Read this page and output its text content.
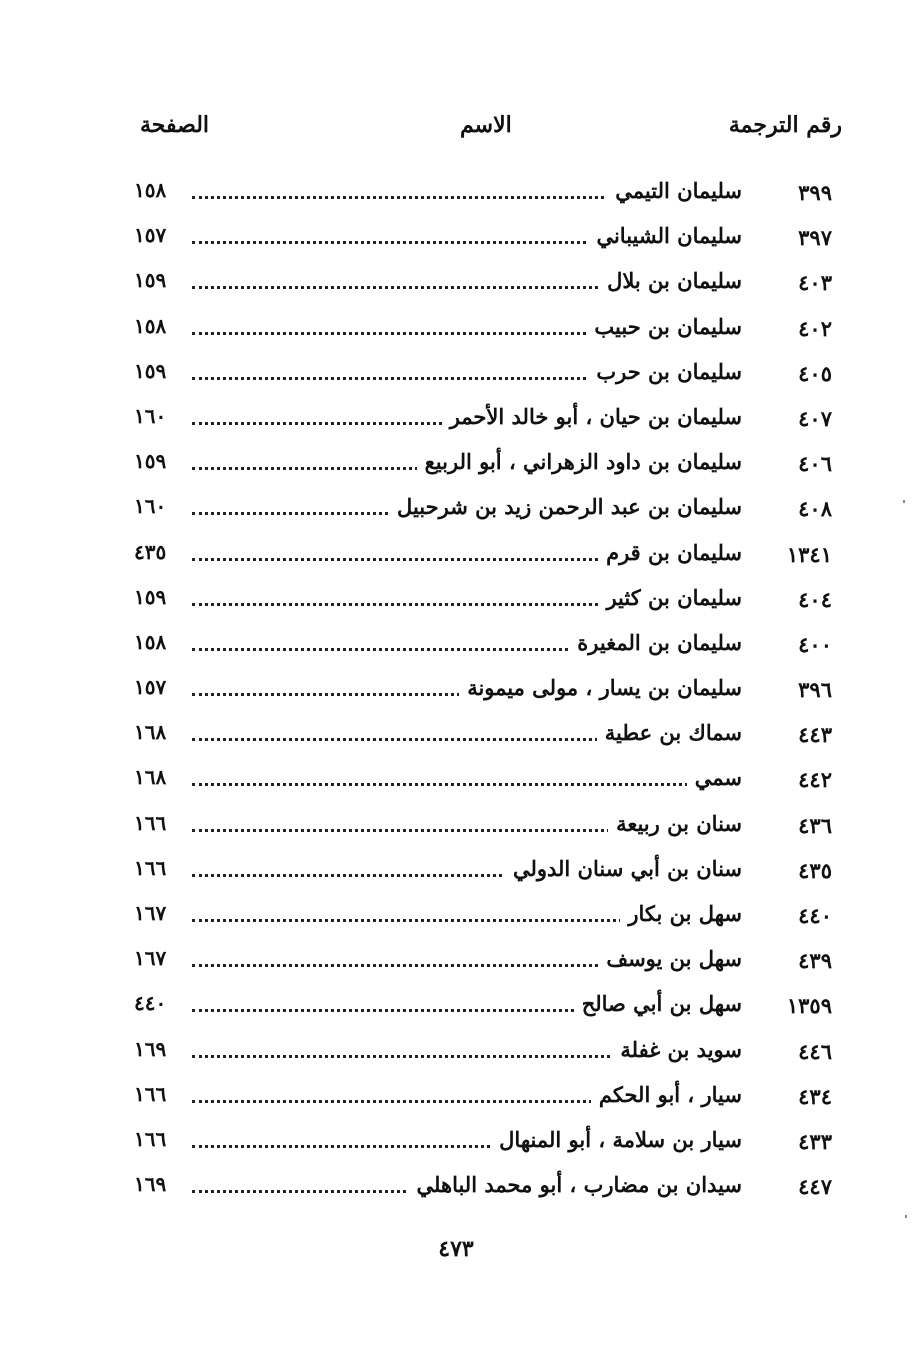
رقم الترجمة
الاسم
الصفحة
٣٩٩
سليمان التيمي
١٥٨
٣٩٧
سليمان الشيباني
١٥٧
٤٠٣
سليمان بن بلال
١٥٩
٤٠٢
سليمان بن حبيب
١٥٨
٤٠٥
سليمان بن حرب
١٥٩
٤٠٧
سليمان بن حيان ، أبو خالد الأحمر
١٦٠
٤٠٦
سليمان بن داود الزهراني ، أبو الربيع
١٥٩
٤٠٨
سليمان بن عبد الرحمن زيد بن شرحبيل
١٦٠
١٣٤١
سليمان بن قرم
٤٣٥
٤٠٤
سليمان بن كثير
١٥٩
٤٠٠
سليمان بن المغيرة
١٥٨
٣٩٦
سليمان بن يسار ، مولى ميمونة
١٥٧
٤٤٣
سماك بن عطية
١٦٨
٤٤٢
سمي
١٦٨
٤٣٦
سنان بن ربيعة
١٦٦
٤٣٥
سنان بن أبي سنان الدولي
١٦٦
٤٤٠
سهل بن بكار
١٦٧
٤٣٩
سهل بن يوسف
١٦٧
١٣٥٩
سهل بن أبي صالح
٤٤٠
٤٤٦
سويد بن غفلة
١٦٩
٤٣٤
سيار ، أبو الحكم
١٦٦
٤٣٣
سيار بن سلامة ، أبو المنهال
١٦٦
٤٤٧
سيدان بن مضارب ، أبو محمد الباهلي
١٦٩
٤٧٣
